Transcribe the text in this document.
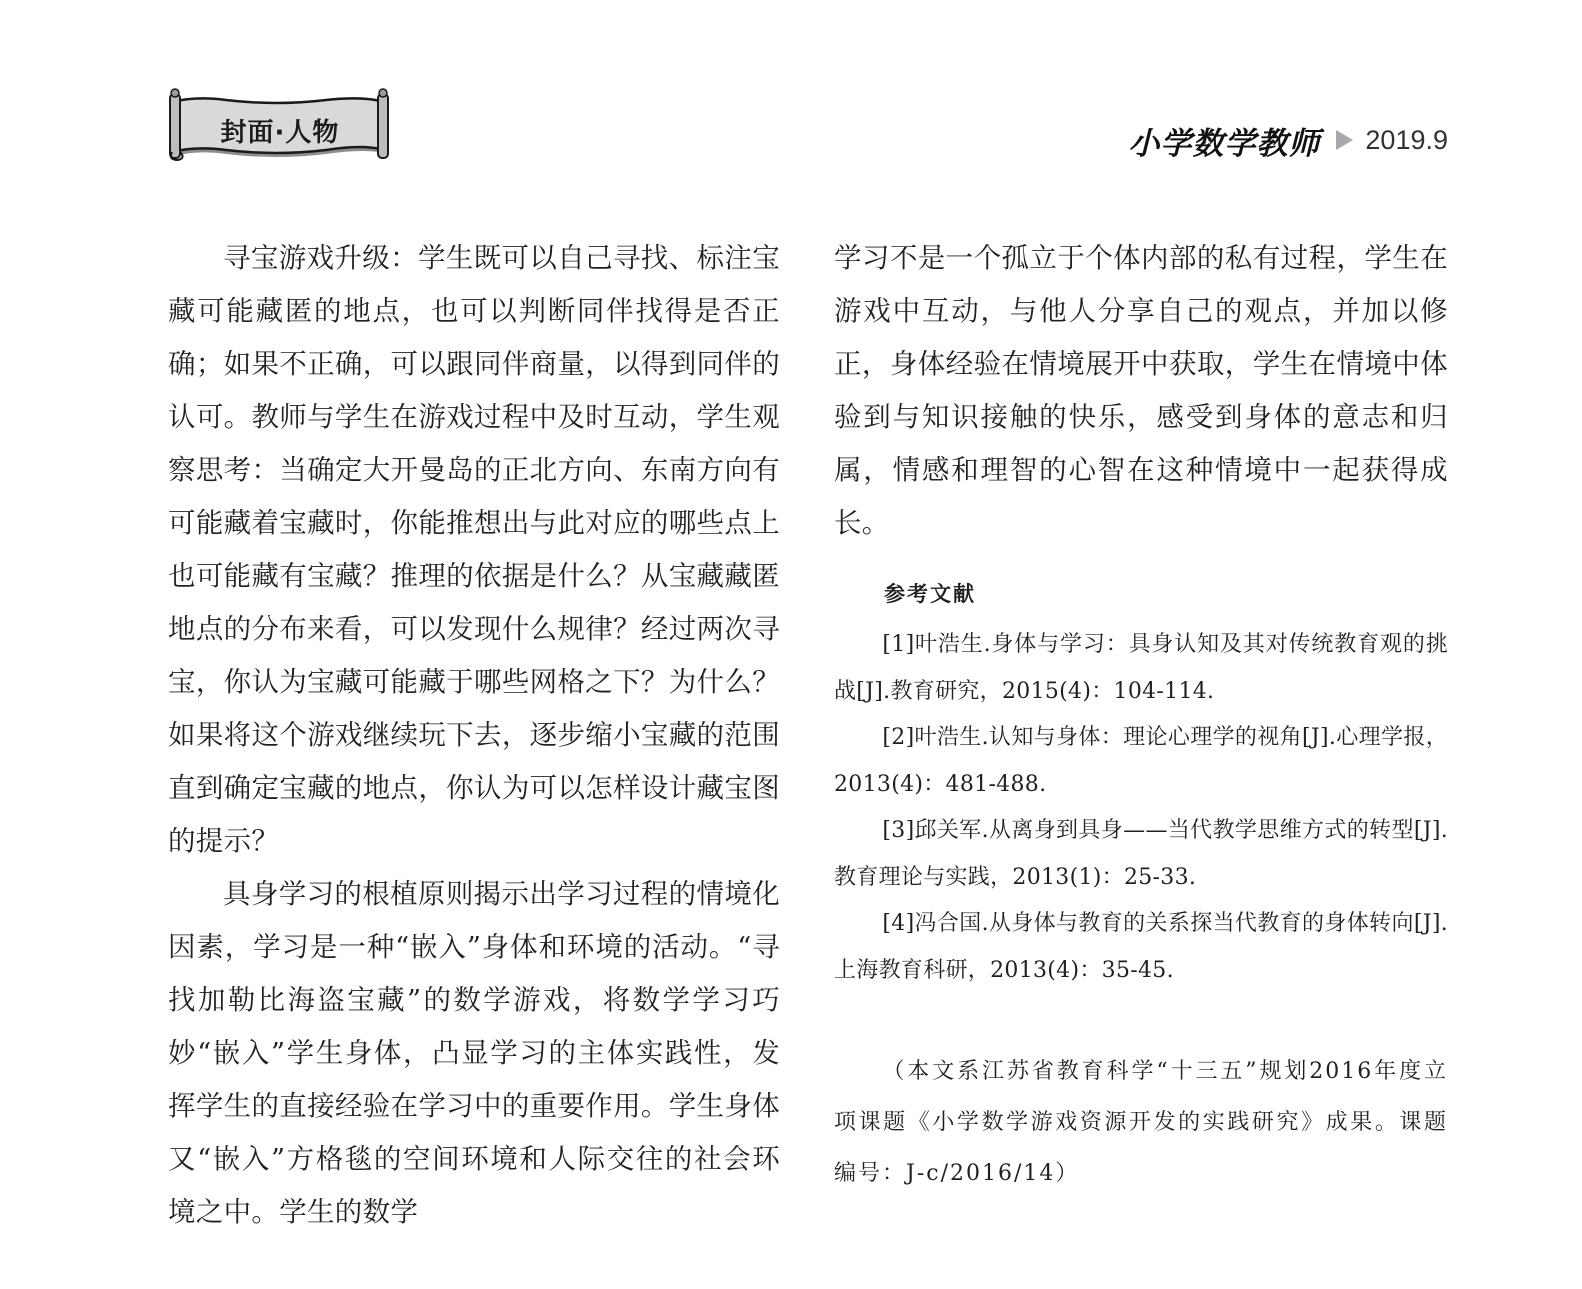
封面·人物	小学数学教师 2019.9

寻宝游戏升级：学生既可以自己寻找、标注宝藏可能藏匿的地点，也可以判断同伴找得是否正确；如果不正确，可以跟同伴商量，以得到同伴的认可。教师与学生在游戏过程中及时互动，学生观察思考：当确定大开曼岛的正北方向、东南方向有可能藏着宝藏时，你能推想出与此对应的哪些点上也可能藏有宝藏？推理的依据是什么？从宝藏藏匿地点的分布来看，可以发现什么规律？经过两次寻宝，你认为宝藏可能藏于哪些网格之下？为什么？如果将这个游戏继续玩下去，逐步缩小宝藏的范围直到确定宝藏的地点，你认为可以怎样设计藏宝图的提示？

具身学习的根植原则揭示出学习过程的情境化因素，学习是一种“嵌入”身体和环境的活动。“寻找加勒比海盗宝藏”的数学游戏，将数学学习巧妙“嵌入”学生身体，凸显学习的主体实践性，发挥学生的直接经验在学习中的重要作用。学生身体又“嵌入”方格毯的空间环境和人际交往的社会环境之中。学生的数学

学习不是一个孤立于个体内部的私有过程，学生在游戏中互动，与他人分享自己的观点，并加以修正，身体经验在情境展开中获取，学生在情境中体验到与知识接触的快乐，感受到身体的意志和归属，情感和理智的心智在这种情境中一起获得成长。

参考文献

[1]叶浩生.身体与学习：具身认知及其对传统教育观的挑战[J].教育研究，2015(4)：104-114.

[2]叶浩生.认知与身体：理论心理学的视角[J].心理学报，2013(4)：481-488.

[3]邱关军.从离身到具身——当代教学思维方式的转型[J].教育理论与实践，2013(1)：25-33.

[4]冯合国.从身体与教育的关系探当代教育的身体转向[J].上海教育科研，2013(4)：35-45.

（本文系江苏省教育科学“十三五”规划2016年度立项课题《小学数学游戏资源开发的实践研究》成果。课题编号：J-c/2016/14）
